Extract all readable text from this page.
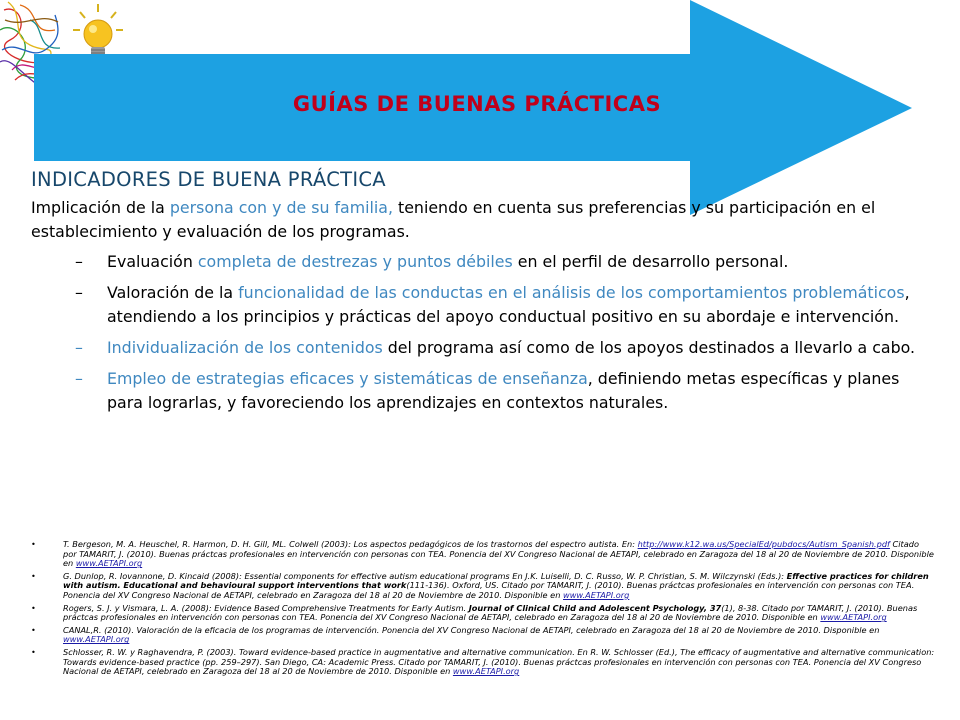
GUÍAS DE BUENAS PRÁCTICAS
INDICADORES DE BUENA PRÁCTICA
Implicación de la persona con y de su familia, teniendo en cuenta sus preferencias y su participación en el establecimiento y evaluación de los programas.
– Evaluación completa de destrezas y puntos débiles en el perfil de desarrollo personal.
– Valoración de la funcionalidad de las conductas en el análisis de los comportamientos problemáticos, atendiendo a los principios y prácticas del apoyo conductual positivo en su abordaje e intervención.
– Individualización de los contenidos del programa así como de los apoyos destinados a llevarlo a cabo.
– Empleo de estrategias eficaces y sistemáticas de enseñanza, definiendo metas específicas y planes para lograrlas, y favoreciendo los aprendizajes en contextos naturales.
•	T. Bergeson, M. A. Heuschel, R. Harmon, D. H. Gill, ML. Colwell (2003): Los aspectos pedagógicos de los trastornos del espectro autista. En: http://www.k12.wa.us/SpecialEd/pubdocs/Autism_Spanish.pdf Citado por TAMARIT, J. (2010). Buenas práctcas profesionales en intervención con personas con TEA. Ponencia del XV Congreso Nacional de AETAPI, celebrado en Zaragoza del 18 al 20 de Noviembre de 2010. Disponible en www.AETAPI.org
•	G. Dunlop, R. Iovannone, D. Kincaid (2008): Essential components for effective autism educational programs En J.K. Luiselli, D. C. Russo, W. P. Christian, S. M. Wilczynski (Eds.): Effective practices for children with autism. Educational and behavioural support interventions that work(111-136). Oxford, US. Citado por TAMARIT, J. (2010). Buenas práctcas profesionales en intervención con personas con TEA. Ponencia del XV Congreso Nacional de AETAPI, celebrado en Zaragoza del 18 al 20 de Noviembre de 2010. Disponible en www.AETAPI.org
•	Rogers, S. J. y Vismara, L. A. (2008): Evidence Based Comprehensive Treatments for Early Autism. Journal of Clinical Child and Adolescent Psychology, 37(1), 8-38. Citado por TAMARIT, J. (2010). Buenas práctcas profesionales en intervención con personas con TEA. Ponencia del XV Congreso Nacional de AETAPI, celebrado en Zaragoza del 18 al 20 de Noviembre de 2010. Disponible en www.AETAPI.org
•	CANAL,R. (2010). Valoración de la eficacia de los programas de intervención. Ponencia del XV Congreso Nacional de AETAPI, celebrado en Zaragoza del 18 al 20 de Noviembre de 2010. Disponible en www.AETAPI.org
•	Schlosser, R. W. y Raghavendra, P. (2003). Toward evidence-based practice in augmentative and alternative communication. En R. W. Schlosser (Ed.), The efficacy of augmentative and alternative communication: Towards evidence-based practice (pp. 259–297). San Diego, CA: Academic Press. Citado por TAMARIT, J. (2010). Buenas práctcas profesionales en intervención con personas con TEA. Ponencia del XV Congreso Nacional de AETAPI, celebrado en Zaragoza del 18 al 20 de Noviembre de 2010. Disponible en www.AETAPI.org
